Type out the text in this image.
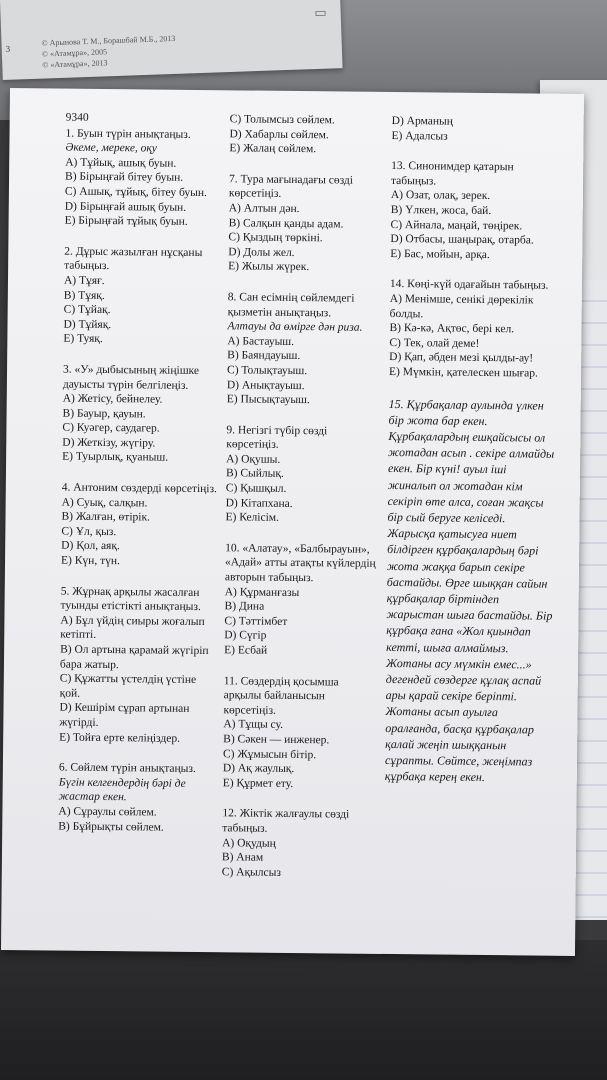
© Арынова Т. М., Борашбай М.Б., 2013
© «Атамұра», 2005
© «Атамұра», 2013
3
▭
9340
1. Буын түрін анықтаңыз.
Әкеме, мереке, оқу
A) Тұйық, ашық буын.
B) Бірыңғай бітеу буын.
C) Ашық, тұйық, бітеу буын.
D) Бірыңғай ашық буын.
E) Бірыңғай тұйық буын.
2. Дұрыс жазылған нұсқаны табыңыз.
A) Тұяғ.
B) Тұяқ.
C) Тұйақ.
D) Тұйяқ.
E) Туяқ.
3. «У» дыбысының жіңішке дауысты түрін белгілеңіз.
A) Жетісу, бейнелеу.
B) Бауыр, қауын.
C) Куәгер, саудагер.
D) Жеткізу, жүгіру.
E) Туырлық, қуаныш.
4. Антоним сөздерді көрсетіңіз.
A) Суық, салқын.
B) Жалған, өтірік.
C) Ұл, қыз.
D) Қол, аяқ.
E) Күн, түн.
5. Жұрнақ арқылы жасалған туынды етістікті анықтаңыз.
A) Бұл үйдің сиыры жоғалып кетіпті.
B) Ол артына қарамай жүгіріп бара жатыр.
C) Құжатты үстелдің үстіне қой.
D) Кешірім сұрап артынан жүгірді.
E) Тойға ерте келіңіздер.
6. Сөйлем түрін анықтаңыз.
Бүгін келгендердің бәрі де жастар екен.
A) Сұраулы сөйлем.
B) Бұйрықты сөйлем.
C) Толымсыз сөйлем.
D) Хабарлы сөйлем.
E) Жалаң сөйлем.
7. Тура мағынадағы сөзді көрсетіңіз.
A) Алтын дән.
B) Салқын қанды адам.
C) Қыздың төркіні.
D) Долы жел.
E) Жылы жүрек.
8. Сан есімнің сөйлемдегі қызметін анықтаңыз.
Алтауы да өмірге дән риза.
A) Бастауыш.
B) Баяндауыш.
C) Толықтауыш.
D) Анықтауыш.
E) Пысықтауыш.
9. Негізгі түбір сөзді көрсетіңіз.
A) Оқушы.
B) Сыйлық.
C) Қышқыл.
D) Кітапхана.
E) Келісім.
10. «Алатау», «Балбырауын», «Адай» атты атақты күйлердің авторын табыңыз.
A) Құрманғазы
B) Дина
C) Тәттімбет
D) Сүгір
E) Есбай
11. Сөздердің қосымша арқылы байланысын көрсетіңіз.
A) Тұщы су.
B) Сәкен — инженер.
C) Жұмысын бітір.
D) Ақ жаулық.
E) Құрмет ету.
12. Жіктік жалғаулы сөзді табыңыз.
A) Оқудың
B) Анам
C) Ақылсыз
D) Арманың
E) Адалсыз
13. Синонимдер қатарын табыңыз.
A) Озат, олақ, зерек.
B) Үлкен, жоса, бай.
C) Айнала, маңай, төңірек.
D) Отбасы, шаңырақ, отарба.
E) Бас, мойын, арқа.
14. Көңі-күй одағайын табыңыз.
A) Менімше, сенікі дөрекілік болды.
B) Кә-кә, Ақтөс, бері кел.
C) Тек, олай деме!
D) Қап, әбден мезі қылды-ау!
E) Мүмкін, қателескен шығар.
15. Құрбақалар аулында үлкен бір жота бар екен. Құрбақалардың ешқайсысы ол жотадан асып . секіре алмайды екен. Бір күні! ауыл іші жиналып ол жотадан кім секіріп өте алса, соған жақсы бір сый беруге келіседі. Жарысқа қатысуға ниет білдірген құрбақалардың бәрі жота жаққа барып секіре бастайды. Өрге шыққан сайын құрбақалар біртіндеп жарыстан шыға бастайды. Бір құрбақа ғана «Жол қиындап кетті, шыға алмаймыз. Жотаны асу мүмкін емес...» дегендей сөздерге құлақ аспай ары қарай секіре беріпті. Жотаны асып ауылға оралғанда, басқа құрбақалар қалай жеңіп шыққанын сұрапты. Сөйтсе, жеңімпаз құрбақа керең екен.
